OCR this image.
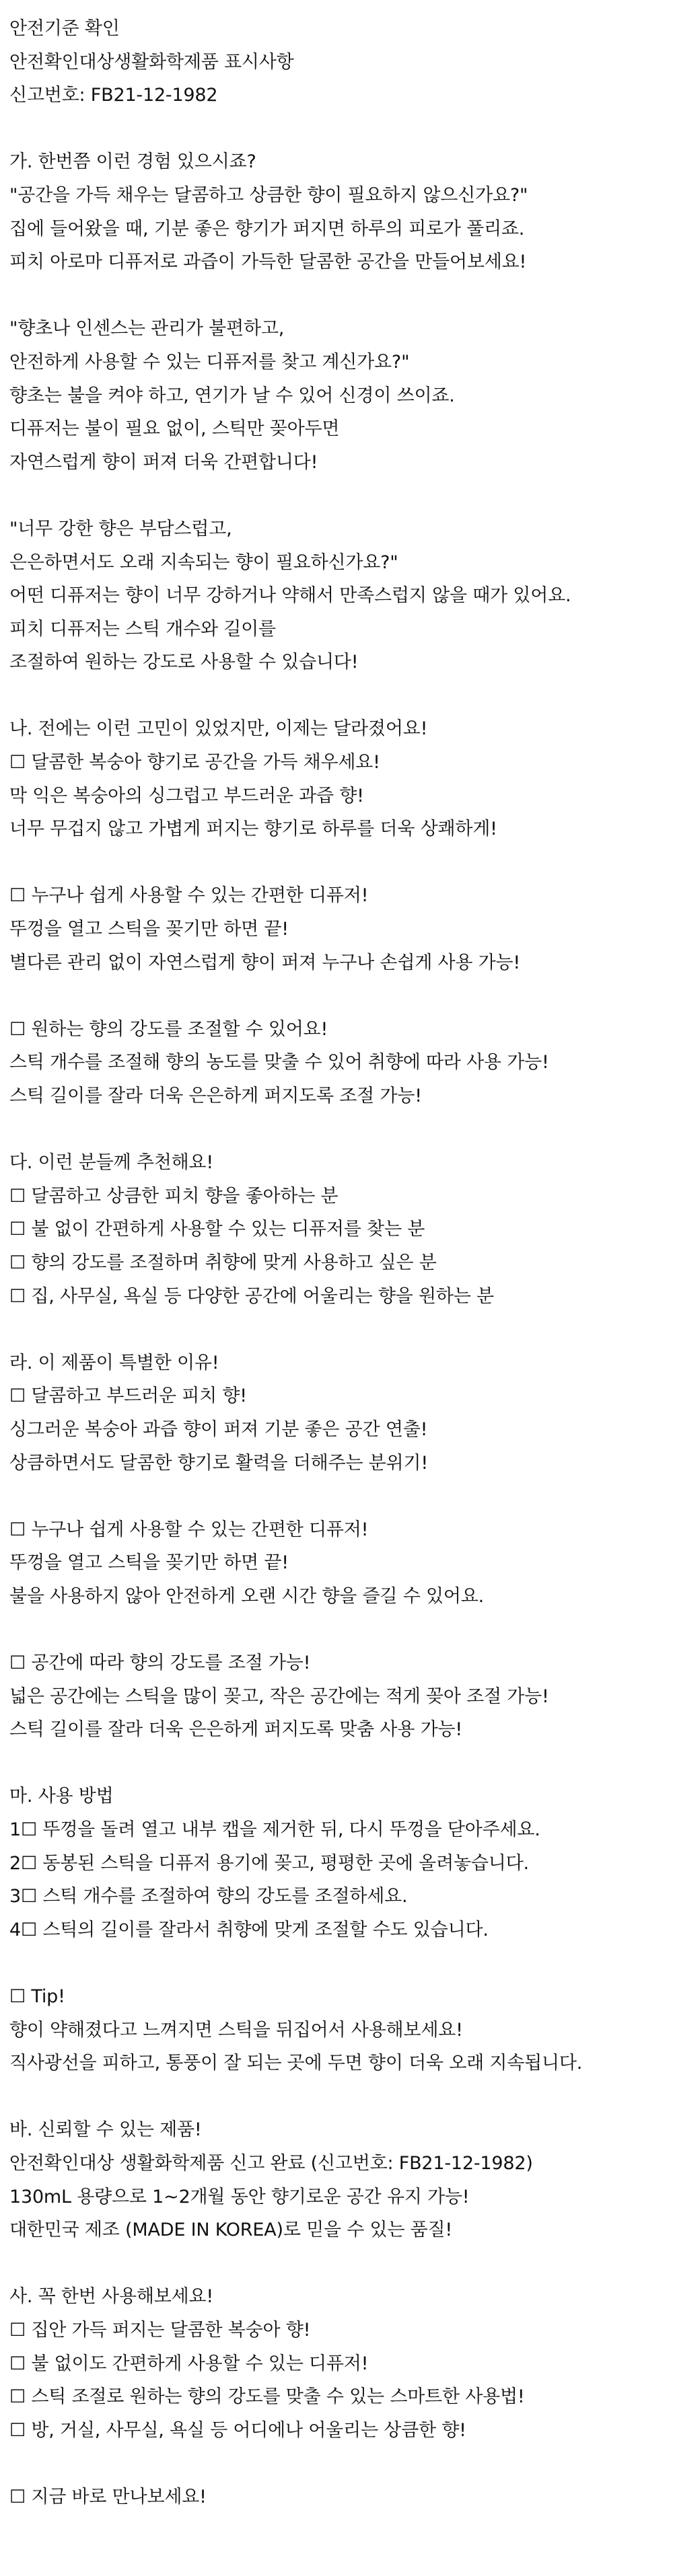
안전기준 확인
안전확인대상생활화학제품 표시사항
신고번호: FB21-12-1982
가. 한번쯤 이런 경험 있으시죠?
"공간을 가득 채우는 달콤하고 상큼한 향이 필요하지 않으신가요?"
집에 들어왔을 때, 기분 좋은 향기가 퍼지면 하루의 피로가 풀리죠.
피치 아로마 디퓨저로 과즙이 가득한 달콤한 공간을 만들어보세요!
"향초나 인센스는 관리가 불편하고,
안전하게 사용할 수 있는 디퓨저를 찾고 계신가요?"
향초는 불을 켜야 하고, 연기가 날 수 있어 신경이 쓰이죠.
디퓨저는 불이 필요 없이, 스틱만 꽂아두면
자연스럽게 향이 퍼져 더욱 간편합니다!
"너무 강한 향은 부담스럽고,
은은하면서도 오래 지속되는 향이 필요하신가요?"
어떤 디퓨저는 향이 너무 강하거나 약해서 만족스럽지 않을 때가 있어요.
피치 디퓨저는 스틱 개수와 길이를
조절하여 원하는 강도로 사용할 수 있습니다!
나. 전에는 이런 고민이 있었지만, 이제는 달라졌어요!
☐ 달콤한 복숭아 향기로 공간을 가득 채우세요!
막 익은 복숭아의 싱그럽고 부드러운 과즙 향!
너무 무겁지 않고 가볍게 퍼지는 향기로 하루를 더욱 상쾌하게!
☐ 누구나 쉽게 사용할 수 있는 간편한 디퓨저!
뚜껑을 열고 스틱을 꽂기만 하면 끝!
별다른 관리 없이 자연스럽게 향이 퍼져 누구나 손쉽게 사용 가능!
☐ 원하는 향의 강도를 조절할 수 있어요!
스틱 개수를 조절해 향의 농도를 맞출 수 있어 취향에 따라 사용 가능!
스틱 길이를 잘라 더욱 은은하게 퍼지도록 조절 가능!
다. 이런 분들께 추천해요!
☐ 달콤하고 상큼한 피치 향을 좋아하는 분
☐ 불 없이 간편하게 사용할 수 있는 디퓨저를 찾는 분
☐ 향의 강도를 조절하며 취향에 맞게 사용하고 싶은 분
☐ 집, 사무실, 욕실 등 다양한 공간에 어울리는 향을 원하는 분
라. 이 제품이 특별한 이유!
☐ 달콤하고 부드러운 피치 향!
싱그러운 복숭아 과즙 향이 퍼져 기분 좋은 공간 연출!
상큼하면서도 달콤한 향기로 활력을 더해주는 분위기!
☐ 누구나 쉽게 사용할 수 있는 간편한 디퓨저!
뚜껑을 열고 스틱을 꽂기만 하면 끝!
불을 사용하지 않아 안전하게 오랜 시간 향을 즐길 수 있어요.
☐ 공간에 따라 향의 강도를 조절 가능!
넓은 공간에는 스틱을 많이 꽂고, 작은 공간에는 적게 꽂아 조절 가능!
스틱 길이를 잘라 더욱 은은하게 퍼지도록 맞춤 사용 가능!
마. 사용 방법
1☐ 뚜껑을 돌려 열고 내부 캡을 제거한 뒤, 다시 뚜껑을 닫아주세요.
2☐ 동봉된 스틱을 디퓨저 용기에 꽂고, 평평한 곳에 올려놓습니다.
3☐ 스틱 개수를 조절하여 향의 강도를 조절하세요.
4☐ 스틱의 길이를 잘라서 취향에 맞게 조절할 수도 있습니다.
☐ Tip!
향이 약해졌다고 느껴지면 스틱을 뒤집어서 사용해보세요!
직사광선을 피하고, 통풍이 잘 되는 곳에 두면 향이 더욱 오래 지속됩니다.
바. 신뢰할 수 있는 제품!
안전확인대상 생활화학제품 신고 완료 (신고번호: FB21-12-1982)
130mL 용량으로 1~2개월 동안 향기로운 공간 유지 가능!
대한민국 제조 (MADE IN KOREA)로 믿을 수 있는 품질!
사. 꼭 한번 사용해보세요!
☐ 집안 가득 퍼지는 달콤한 복숭아 향!
☐ 불 없이도 간편하게 사용할 수 있는 디퓨저!
☐ 스틱 조절로 원하는 향의 강도를 맞출 수 있는 스마트한 사용법!
☐ 방, 거실, 사무실, 욕실 등 어디에나 어울리는 상큼한 향!
☐ 지금 바로 만나보세요!
